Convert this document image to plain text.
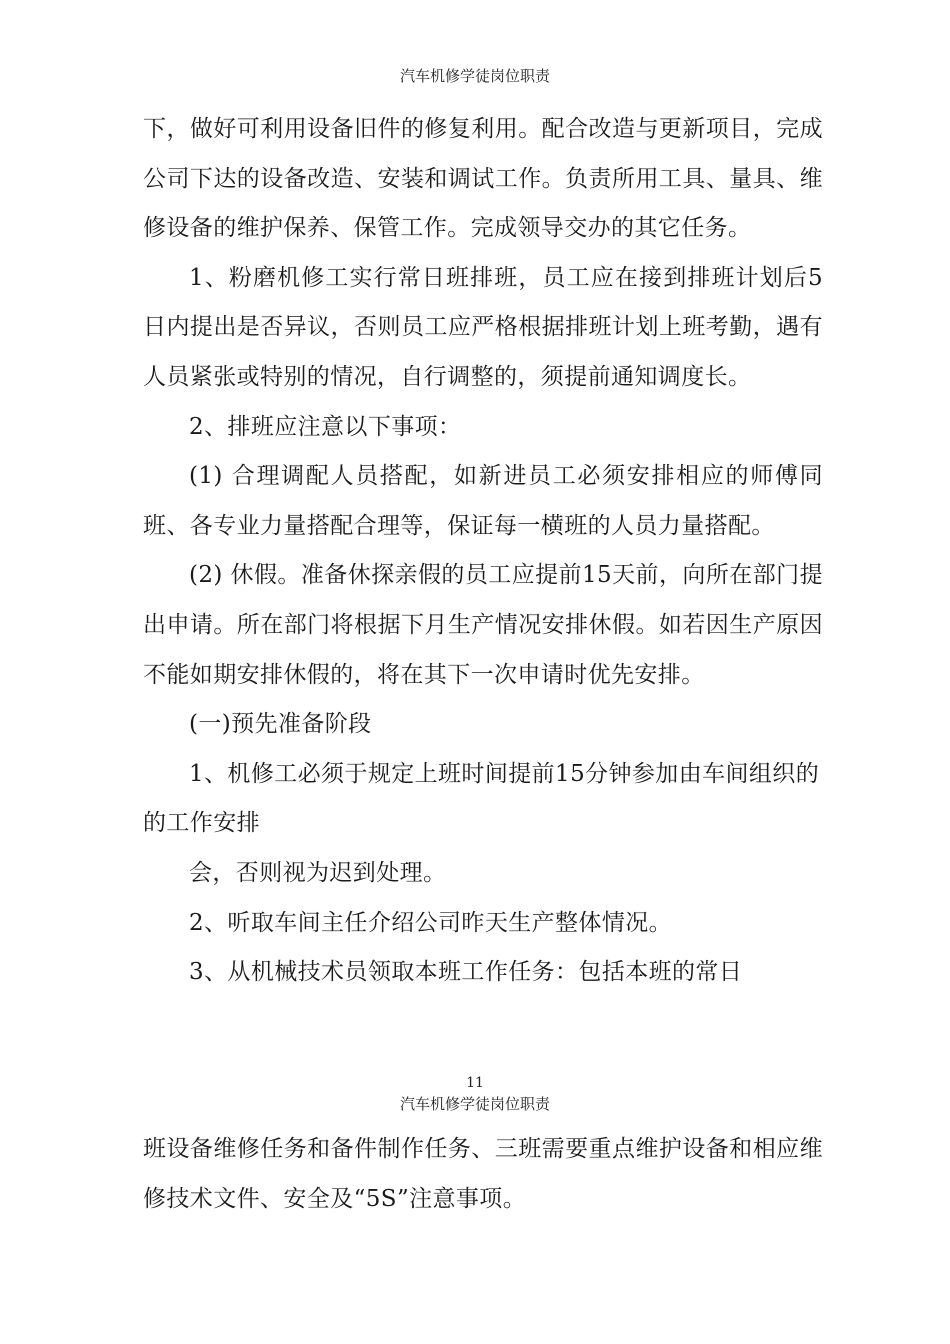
汽车机修学徒岗位职责

下，做好可利用设备旧件的修复利用。配合改造与更新项目，完成公司下达的设备改造、安装和调试工作。负责所用工具、量具、维修设备的维护保养、保管工作。完成领导交办的其它任务。

1、粉磨机修工实行常日班排班，员工应在接到排班计划后5日内提出是否异议，否则员工应严格根据排班计划上班考勤，遇有人员紧张或特别的情况，自行调整的，须提前通知调度长。

2、排班应注意以下事项：

(1) 合理调配人员搭配，如新进员工必须安排相应的师傅同班、各专业力量搭配合理等，保证每一横班的人员力量搭配。

(2) 休假。准备休探亲假的员工应提前15天前，向所在部门提出申请。所在部门将根据下月生产情况安排休假。如若因生产原因不能如期安排休假的，将在其下一次申请时优先安排。

(一)预先准备阶段

1、机修工必须于规定上班时间提前15分钟参加由车间组织的的工作安排

会，否则视为迟到处理。

2、听取车间主任介绍公司昨天生产整体情况。

3、从机械技术员领取本班工作任务：包括本班的常日

11
汽车机修学徒岗位职责

班设备维修任务和备件制作任务、三班需要重点维护设备和相应维修技术文件、安全及“5S”注意事项。
